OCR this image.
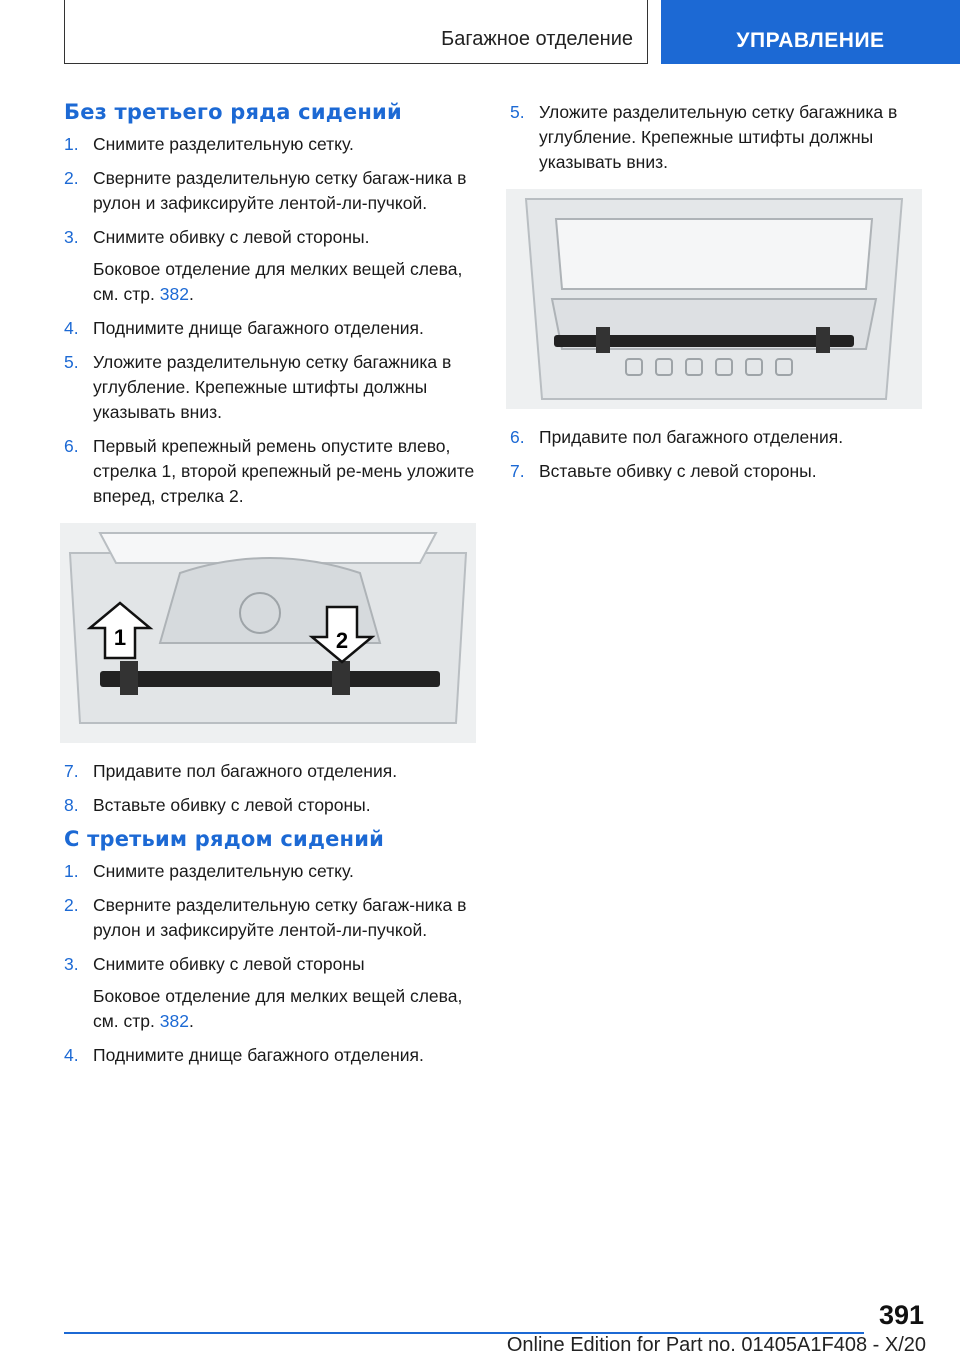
Багажное отделение	УПРАВЛЕНИЕ
Без третьего ряда сидений
1. Снимите разделительную сетку.
2. Сверните разделительную сетку багаж-ника в рулон и зафиксируйте лентой-ли-пучкой.
3. Снимите обивку с левой стороны.
Боковое отделение для мелких вещей слева, см. стр. 382.
4. Поднимите днище багажного отделения.
5. Уложите разделительную сетку багажника в углубление. Крепежные штифты должны указывать вниз.
6. Первый крепежный ремень опустите влево, стрелка 1, второй крепежный ре-мень уложите вперед, стрелка 2.
1	2
7. Придавите пол багажного отделения.
8. Вставьте обивку с левой стороны.
С третьим рядом сидений
1. Снимите разделительную сетку.
2. Сверните разделительную сетку багаж-ника в рулон и зафиксируйте лентой-ли-пучкой.
3. Снимите обивку с левой стороны
Боковое отделение для мелких вещей слева, см. стр. 382.
4. Поднимите днище багажного отделения.
5. Уложите разделительную сетку багажника в углубление. Крепежные штифты должны указывать вниз.
6. Придавите пол багажного отделения.
7. Вставьте обивку с левой стороны.
391
Online Edition for Part no. 01405A1F408 - X/20
